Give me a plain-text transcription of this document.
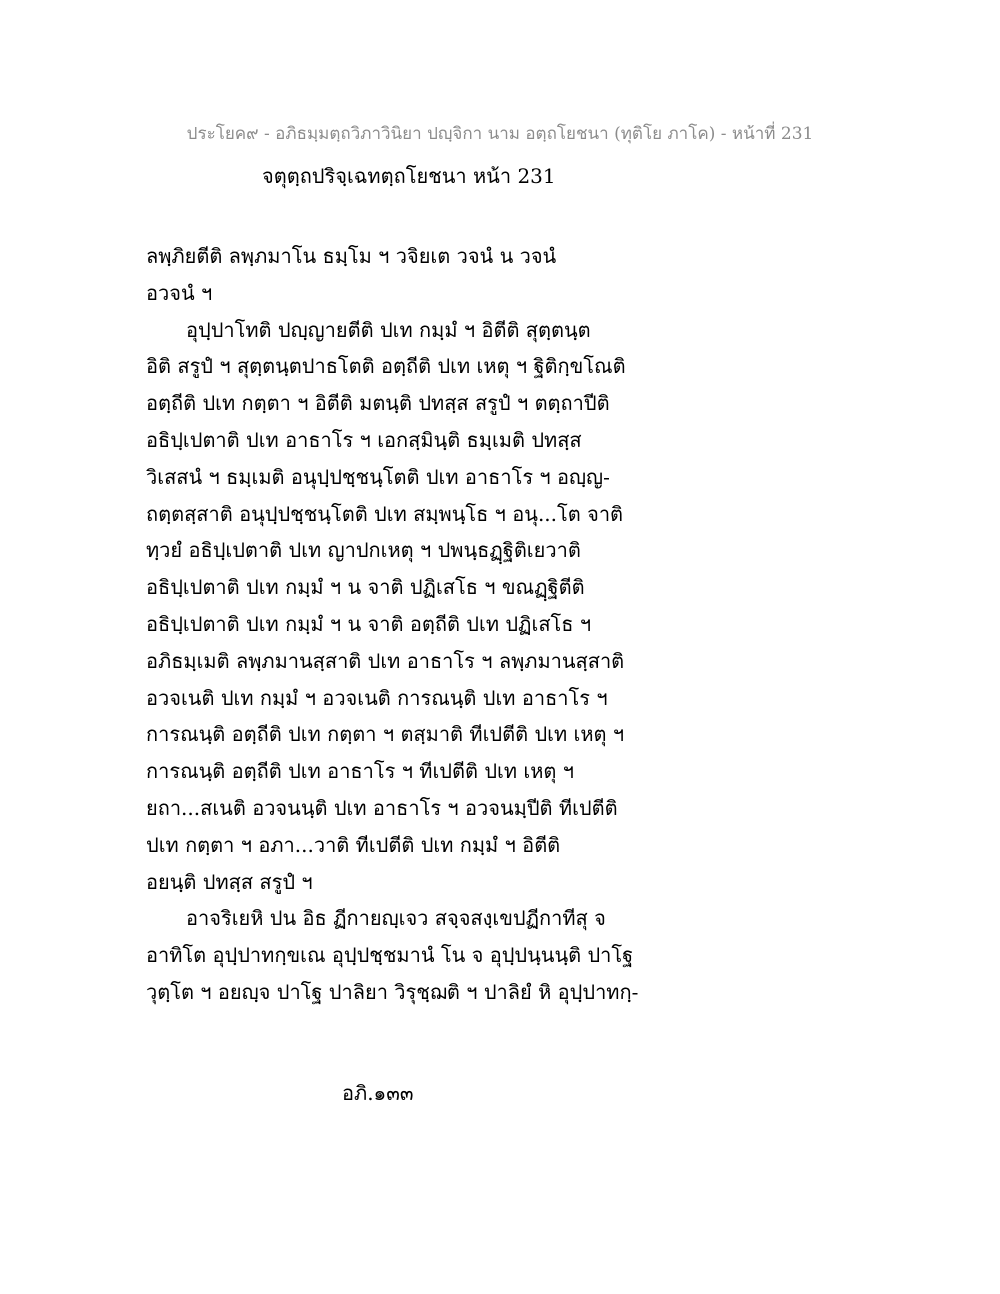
ประโยค๙ - อภิธมฺมตฺถวิภาวินิยา ปญฺจิกา นาม อตฺถโยชนา (ทุติโย ภาโค) - หน้าที่ 231
จตุตฺถปริจฺเฉทตฺถโยชนา หน้า 231
ลพฺภิยตีติ ลพฺภมาโน ธมฺโม ฯ วจิยเต วจนํ น วจนํ
อวจนํ ฯ
อุปฺปาโทติ ปญฺญายตีติ ปเท กมฺมํ ฯ อิตีติ สุตฺตนฺต
อิติ สรูปํ ฯ สุตฺตนฺตปาธโตติ อตฺถีติ ปเท เหตุ ฯ ฐิติกฺขโณติ
อตฺถีติ ปเท กตฺตา ฯ อิตีติ มตนฺติ ปทสฺส สรูปํ ฯ ตตฺถาปีติ
อธิปฺเปตาติ ปเท อาธาโร ฯ เอกสฺมินฺติ ธมฺเมติ ปทสฺส
วิเสสนํ ฯ ธมฺเมติ อนุปฺปชฺชนฺโตติ ปเท อาธาโร ฯ อญฺญ-
ถตฺตสฺสาติ อนุปฺปชฺชนฺโตติ ปเท สมฺพนฺโธ ฯ อนุ...โต จาติ
ทฺวยํ อธิปฺเปตาติ ปเท ญาปกเหตุ ฯ ปพนฺธฏฺฐิติเยวาติ
อธิปฺเปตาติ ปเท กมฺมํ ฯ น จาติ ปฏิเสโธ ฯ ขณฏฺฐิตีติ
อธิปฺเปตาติ ปเท กมฺมํ ฯ น จาติ อตฺถีติ ปเท ปฏิเสโธ ฯ
อภิธมฺเมติ ลพฺภมานสฺสาติ ปเท อาธาโร ฯ ลพฺภมานสฺสาติ
อวจเนติ ปเท กมฺมํ ฯ อวจเนติ การณนฺติ ปเท อาธาโร ฯ
การณนฺติ อตฺถีติ ปเท กตฺตา ฯ ตสฺมาติ ทีเปตีติ ปเท เหตุ ฯ
การณนฺติ อตฺถีติ ปเท อาธาโร ฯ ทีเปตีติ ปเท เหตุ ฯ
ยถา...สเนติ อวจนนฺติ ปเท อาธาโร ฯ อวจนมฺปีติ ทีเปตีติ
ปเท กตฺตา ฯ อภา...วาติ ทีเปตีติ ปเท กมฺมํ ฯ อิตีติ
อยนฺติ ปทสฺส สรูปํ ฯ
อาจริเยหิ ปน อิธ ฏีกายญฺเจว สจฺจสงฺเขปฏีกาทีสุ จ
อาทิโต อุปฺปาทกฺขเณ อุปฺปชฺชมานํ โน จ อุปฺปนฺนนฺติ ปาโฐ
วุตฺโต ฯ อยญฺจ ปาโฐ ปาลิยา วิรุชฺฌติ ฯ ปาลิยํ หิ อุปฺปาทกฺ-
อภิ.๑๓๓
